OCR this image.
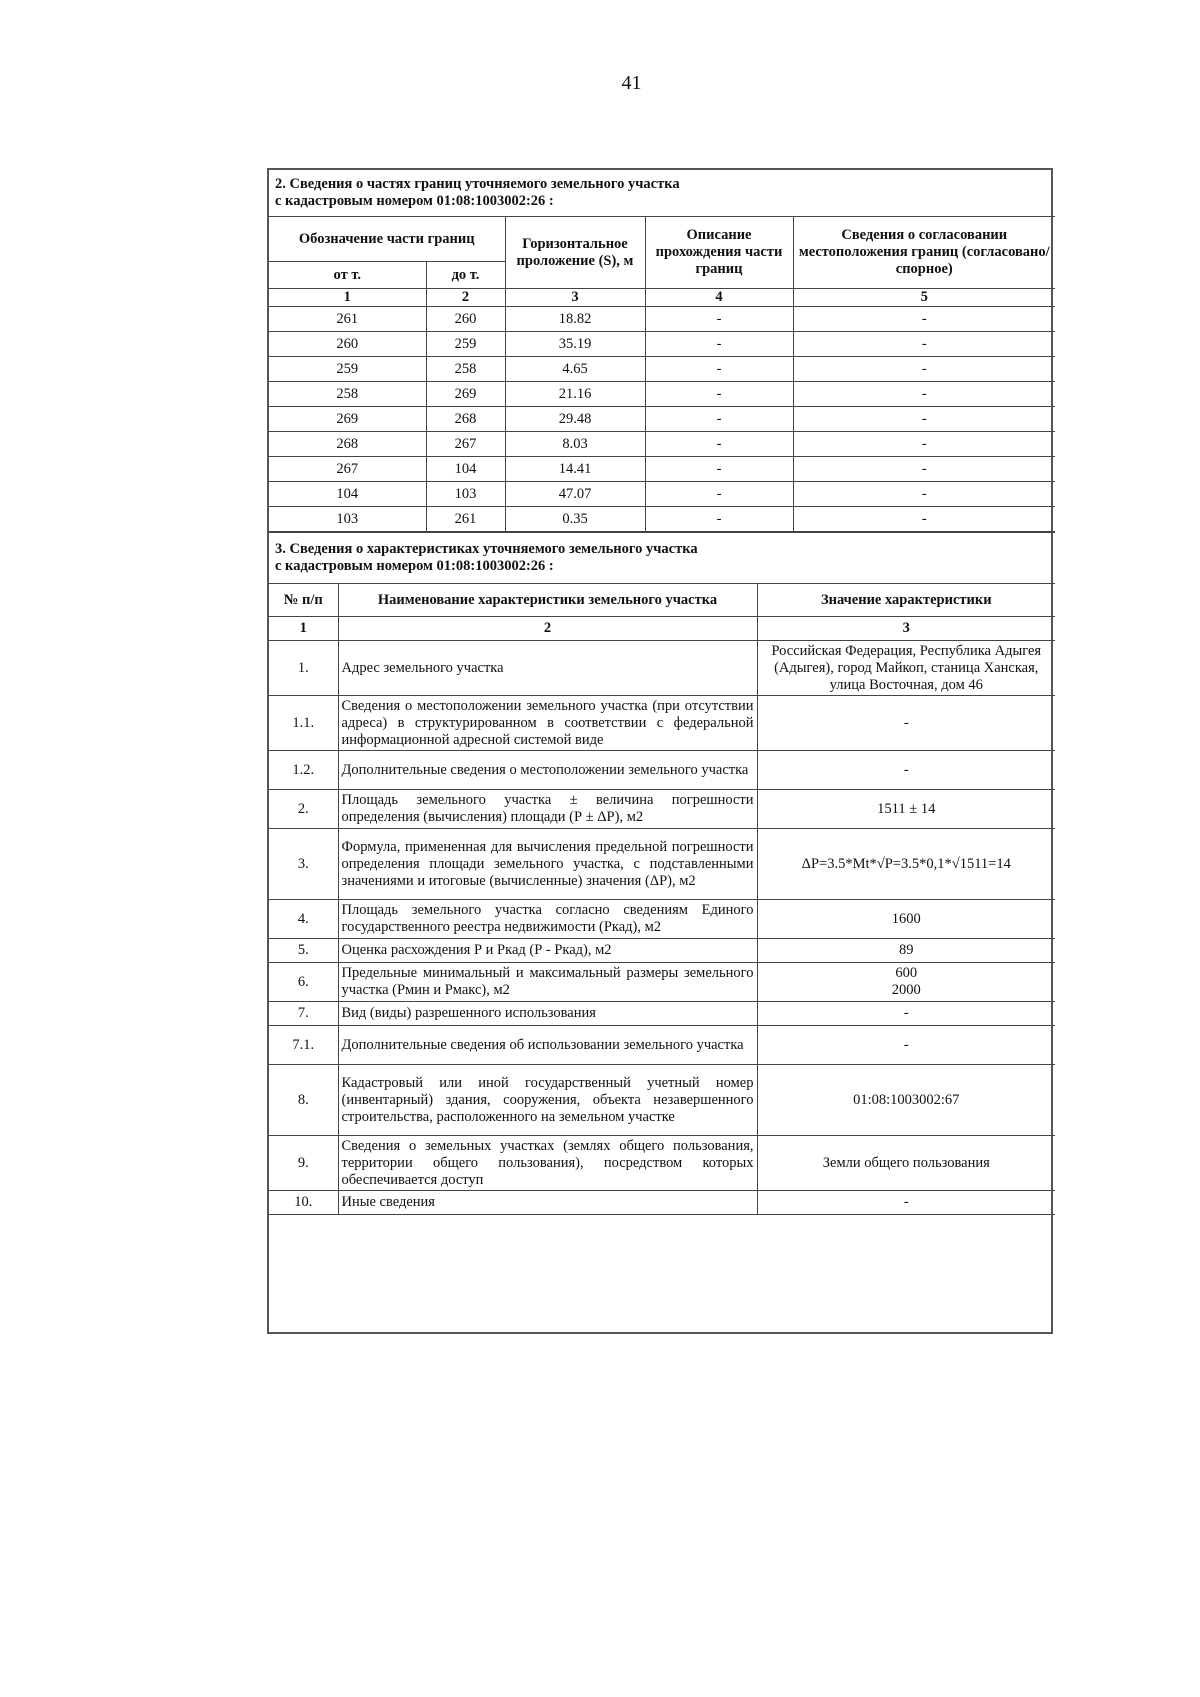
41
2. Сведения о частях границ уточняемого земельного участка
с кадастровым номером 01:08:1003002:26 :				

Обозначение части границ		Горизонтальное проложение (S), м	Описание прохождения части границ	Сведения о согласовании местоположения границ (согласовано/спорное)
от т.	до т.			
1	2	3	4	5
261	260	18.82	-	-
260	259	35.19	-	-
259	258	4.65	-	-
258	269	21.16	-	-
269	268	29.48	-	-
268	267	8.03	-	-
267	104	14.41	-	-
104	103	47.07	-	-
103	261	0.35	-	-
3. Сведения о характеристиках уточняемого земельного участка
с кадастровым номером 01:08:1003002:26 :		

№ п/п	Наименование характеристики земельного участка	Значение характеристики
1	2	3
1.	Адрес земельного участка	Российская Федерация, Республика Адыгея (Адыгея), город Майкоп, станица Ханская, улица Восточная, дом 46

1.1.	Сведения о местоположении земельного участка (при отсутствии адреса) в структурированном в соответствии с федеральной информационной адресной системой виде	-

1.2.	Дополнительные сведения о местоположении земельного участка	-

2.	Площадь земельного участка ± величина погрешности определения (вычисления) площади (Р ± ΔР), м2	1511 ± 14

3.	Формула, примененная для вычисления предельной погрешности определения площади земельного участка, с подставленными значениями и итоговые (вычисленные) значения (ΔР), м2	ΔР=3.5*Mt*√P=3.5*0,1*√1511=14

4.	Площадь земельного участка согласно сведениям Единого государственного реестра недвижимости (Ркад), м2	1600

5.	Оценка расхождения Р и Ркад (Р - Ркад), м2	89

6.	Предельные минимальный и максимальный размеры земельного участка (Рмин и Рмакс), м2	600
2000

7.	Вид (виды) разрешенного использования	-

7.1.	Дополнительные сведения об использовании земельного участка	-

8.	Кадастровый или иной государственный учетный номер (инвентарный) здания, сооружения, объекта незавершенного строительства, расположенного на земельном участке	01:08:1003002:67

9.	Сведения о земельных участках (землях общего пользования, территории общего пользования), посредством которых обеспечивается доступ	Земли общего пользования

10.	Иные сведения	-
